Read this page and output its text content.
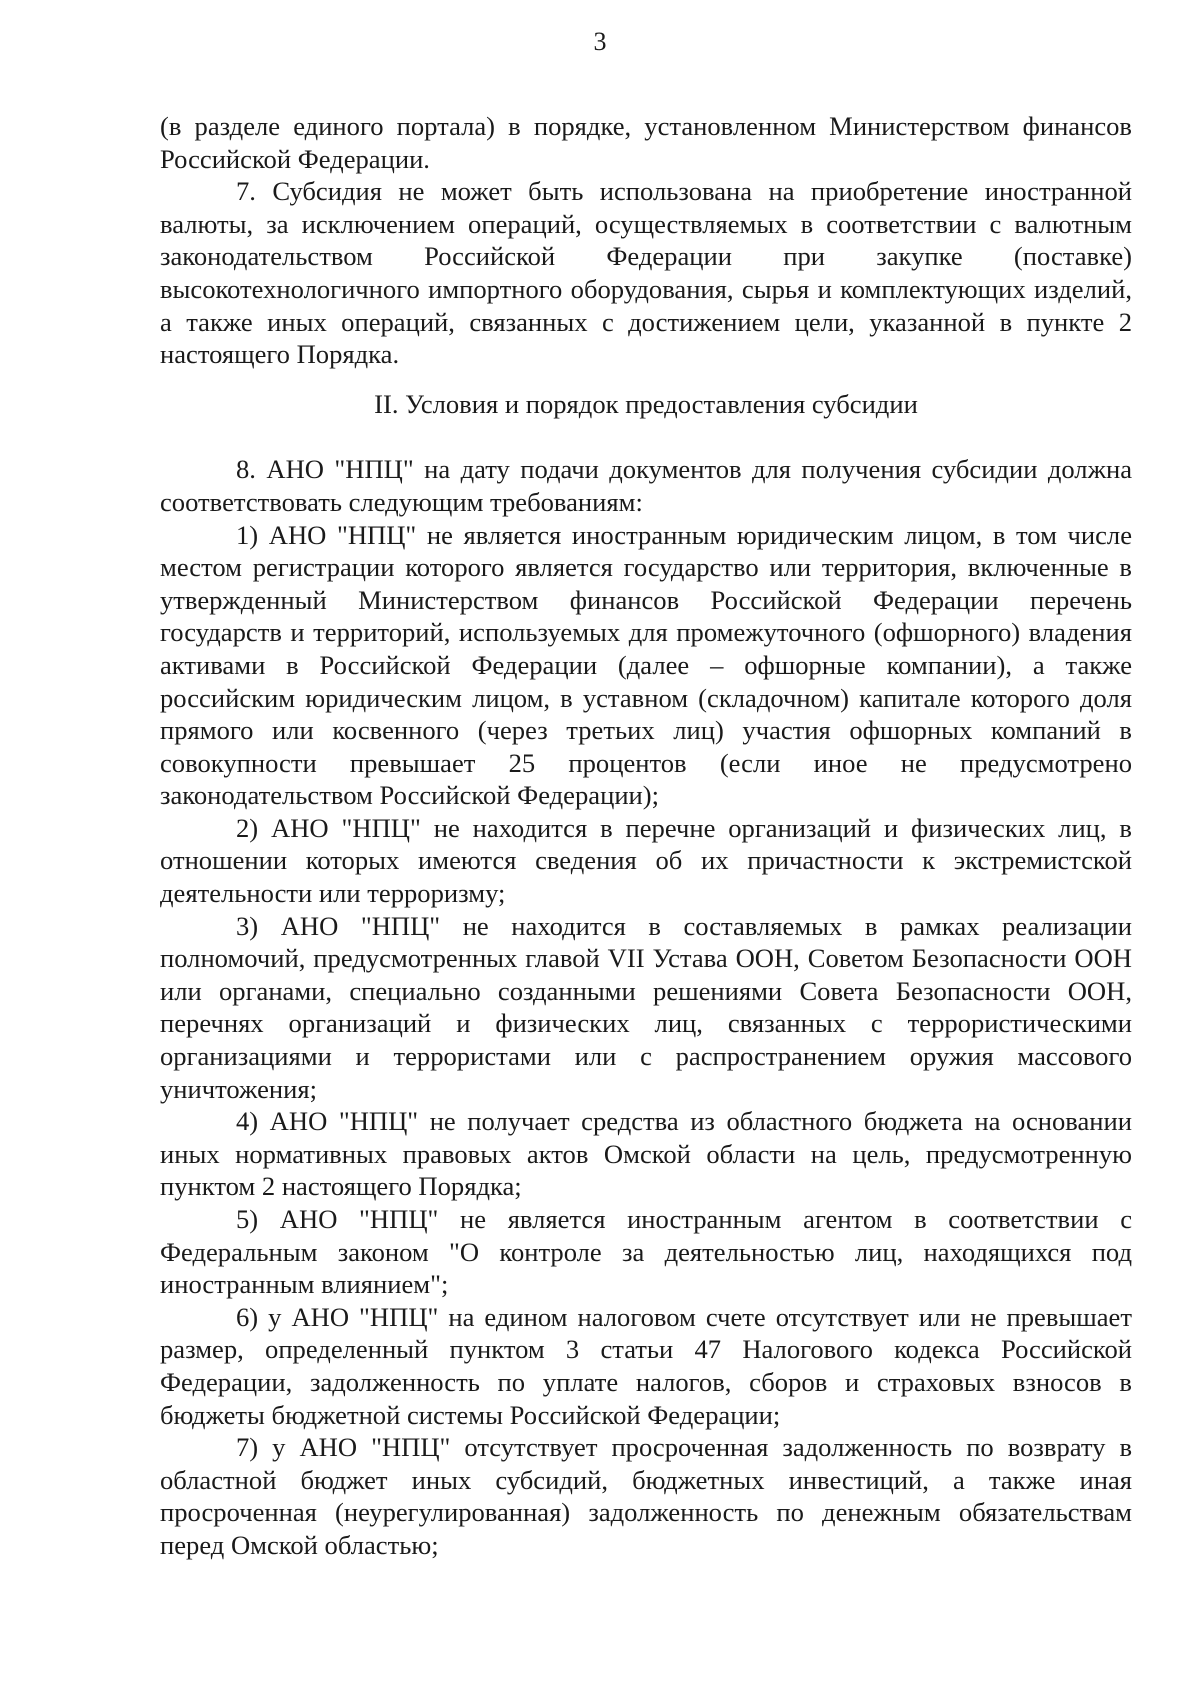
3

(в разделе единого портала) в порядке, установленном Министерством финансов Российской Федерации.

7. Субсидия не может быть использована на приобретение иностранной валюты, за исключением операций, осуществляемых в соответствии с валютным законодательством Российской Федерации при закупке (поставке) высокотехнологичного импортного оборудования, сырья и комплектующих изделий, а также иных операций, связанных с достижением цели, указанной в пункте 2 настоящего Порядка.

II. Условия и порядок предоставления субсидии

8. АНО "НПЦ" на дату подачи документов для получения субсидии должна соответствовать следующим требованиям:

1) АНО "НПЦ" не является иностранным юридическим лицом, в том числе местом регистрации которого является государство или территория, включенные в утвержденный Министерством финансов Российской Федерации перечень государств и территорий, используемых для промежуточного (офшорного) владения активами в Российской Федерации (далее – офшорные компании), а также российским юридическим лицом, в уставном (складочном) капитале которого доля прямого или косвенного (через третьих лиц) участия офшорных компаний в совокупности превышает 25 процентов (если иное не предусмотрено законодательством Российской Федерации);

2) АНО "НПЦ" не находится в перечне организаций и физических лиц, в отношении которых имеются сведения об их причастности к экстремистской деятельности или терроризму;

3) АНО "НПЦ" не находится в составляемых в рамках реализации полномочий, предусмотренных главой VII Устава ООН, Советом Безопасности ООН или органами, специально созданными решениями Совета Безопасности ООН, перечнях организаций и физических лиц, связанных с террористическими организациями и террористами или с распространением оружия массового уничтожения;

4) АНО "НПЦ" не получает средства из областного бюджета на основании иных нормативных правовых актов Омской области на цель, предусмотренную пунктом 2 настоящего Порядка;

5) АНО "НПЦ" не является иностранным агентом в соответствии с Федеральным законом "О контроле за деятельностью лиц, находящихся под иностранным влиянием";

6) у АНО "НПЦ" на едином налоговом счете отсутствует или не превышает размер, определенный пунктом 3 статьи 47 Налогового кодекса Российской Федерации, задолженность по уплате налогов, сборов и страховых взносов в бюджеты бюджетной системы Российской Федерации;

7) у АНО "НПЦ" отсутствует просроченная задолженность по возврату в областной бюджет иных субсидий, бюджетных инвестиций, а также иная просроченная (неурегулированная) задолженность по денежным обязательствам перед Омской областью;
